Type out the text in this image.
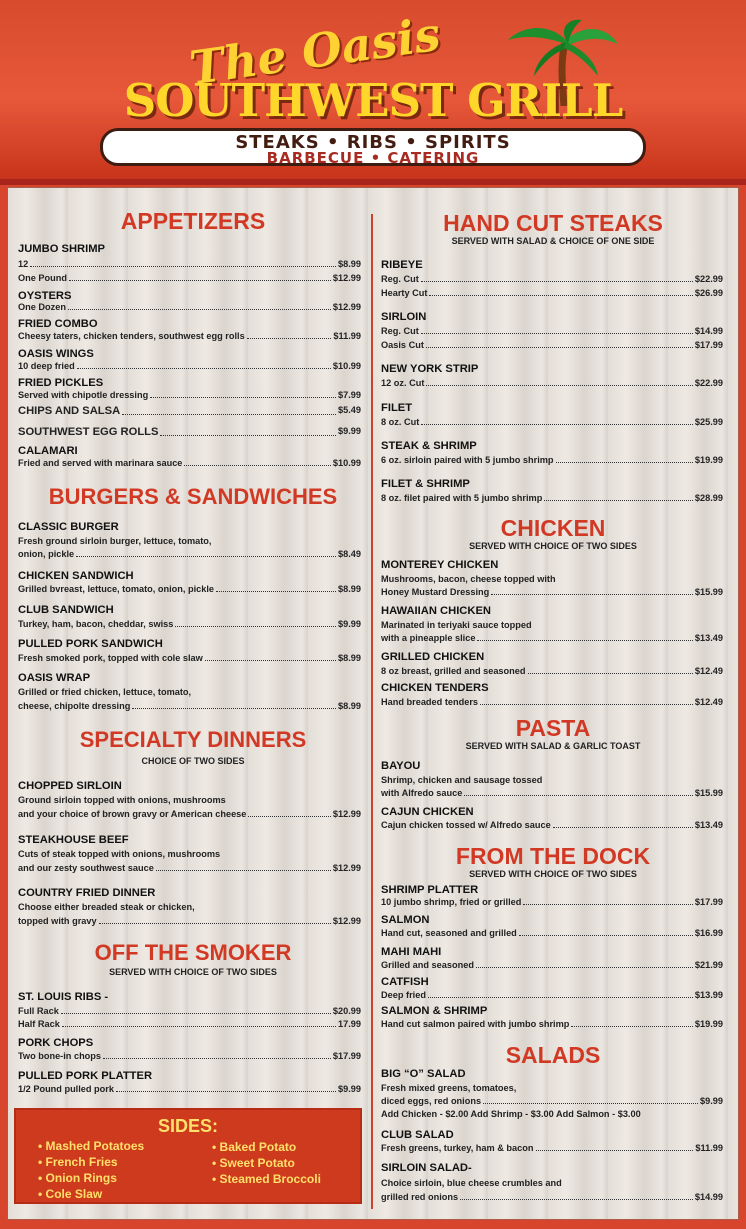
The Oasis
SOUTHWEST GRILL
STEAKS • RIBS • SPIRITS
BARBECUE • CATERING
APPETIZERS
JUMBO SHRIMP
12	$8.99
One Pound	$12.99
OYSTERS
One Dozen	$12.99
FRIED COMBO
Cheesy taters, chicken tenders, southwest egg rolls	$11.99
OASIS WINGS
10 deep fried	$10.99
FRIED PICKLES
Served with chipotle dressing	$7.99
CHIPS AND SALSA	$5.49
SOUTHWEST EGG ROLLS	$9.99
CALAMARI
Fried and served with marinara sauce	$10.99
BURGERS & SANDWICHES
CLASSIC BURGER
Fresh ground sirloin burger, lettuce, tomato,
onion, pickle	$8.49
CHICKEN SANDWICH
Grilled bvreast, lettuce, tomato, onion, pickle	$8.99
CLUB SANDWICH
Turkey, ham, bacon, cheddar, swiss	$9.99
PULLED PORK SANDWICH
Fresh smoked pork, topped with cole slaw	$8.99
OASIS WRAP
Grilled or fried chicken, lettuce, tomato,
cheese, chipolte dressing	$8.99
SPECIALTY DINNERS
CHOICE OF TWO SIDES
CHOPPED SIRLOIN
Ground sirloin topped with onions, mushrooms
and your choice of brown gravy or American cheese	$12.99
STEAKHOUSE BEEF
Cuts of steak topped with onions, mushrooms
and our zesty southwest sauce	$12.99
COUNTRY FRIED DINNER
Choose either breaded steak or chicken,
topped with gravy	$12.99
OFF THE SMOKER
SERVED WITH CHOICE OF TWO SIDES
ST. LOUIS RIBS -
Full Rack	$20.99
Half Rack	17.99
PORK CHOPS
Two bone-in chops	$17.99
PULLED PORK PLATTER
1/2 Pound pulled pork	$9.99
SIDES:
• Mashed Potatoes
• French Fries
• Onion Rings
• Cole Slaw
• Baked Potato
• Sweet Potato
• Steamed Broccoli
HAND CUT STEAKS
SERVED WITH SALAD & CHOICE OF ONE SIDE
RIBEYE
Reg. Cut	$22.99
Hearty Cut	$26.99
SIRLOIN
Reg. Cut	$14.99
Oasis Cut	$17.99
NEW YORK STRIP
12 oz. Cut	$22.99
FILET
8 oz. Cut	$25.99
STEAK & SHRIMP
6 oz. sirloin paired with 5 jumbo shrimp	$19.99
FILET & SHRIMP
8 oz. filet paired with 5 jumbo shrimp	$28.99
CHICKEN
SERVED WITH CHOICE OF TWO SIDES
MONTEREY CHICKEN
Mushrooms, bacon, cheese topped with
Honey Mustard Dressing	$15.99
HAWAIIAN CHICKEN
Marinated in teriyaki sauce topped
with a pineapple slice	$13.49
GRILLED CHICKEN
8 oz breast, grilled and seasoned	$12.49
CHICKEN TENDERS
Hand breaded tenders	$12.49
PASTA
SERVED WITH SALAD & GARLIC TOAST
BAYOU
Shrimp, chicken and sausage tossed
with Alfredo sauce	$15.99
CAJUN CHICKEN
Cajun chicken tossed w/ Alfredo sauce	$13.49
FROM THE DOCK
SERVED WITH CHOICE OF TWO SIDES
SHRIMP PLATTER
10 jumbo shrimp, fried or grilled	$17.99
SALMON
Hand cut, seasoned and grilled	$16.99
MAHI MAHI
Grilled and seasoned	$21.99
CATFISH
Deep fried	$13.99
SALMON & SHRIMP
Hand cut salmon paired with jumbo shrimp	$19.99
SALADS
BIG “O” SALAD
Fresh mixed greens, tomatoes,
diced eggs, red onions	$9.99
Add Chicken - $2.00 Add Shrimp - $3.00 Add Salmon - $3.00
CLUB SALAD
Fresh greens, turkey, ham & bacon	$11.99
SIRLOIN SALAD-
Choice sirloin, blue cheese crumbles and
grilled red onions	$14.99
